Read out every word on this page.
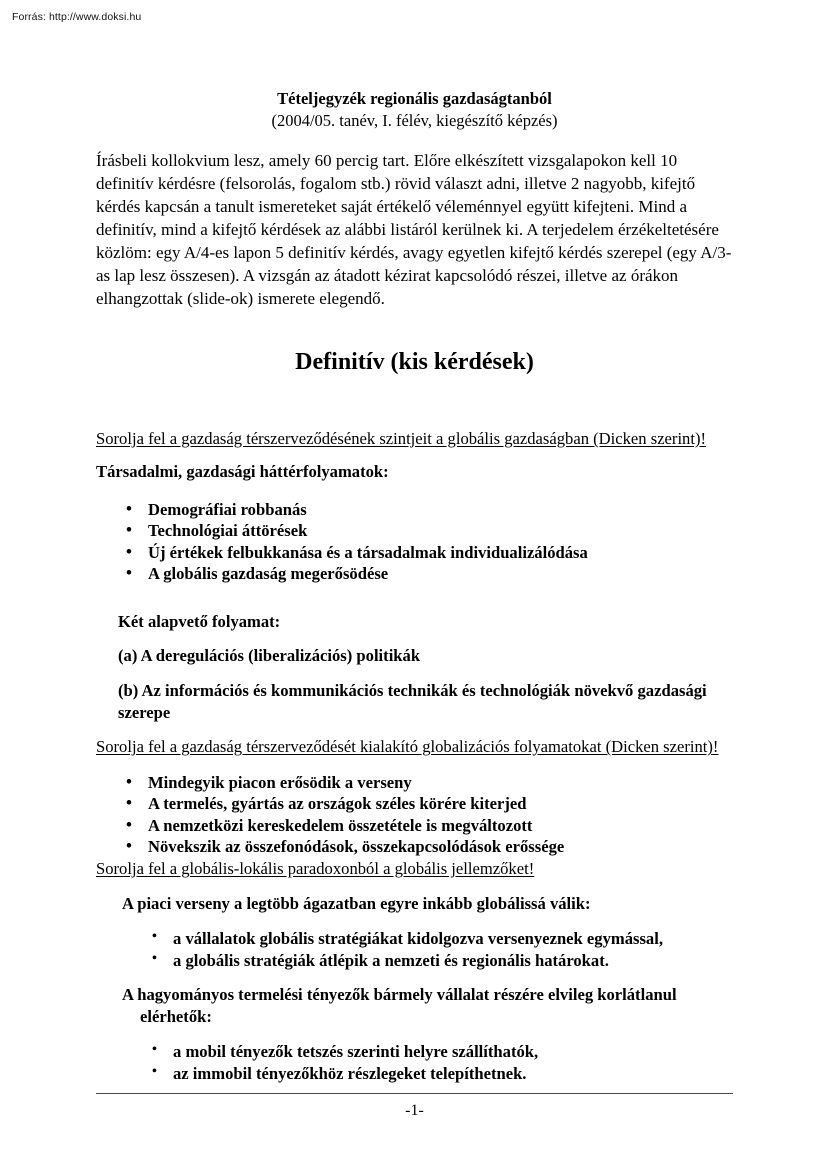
Forrás: http://www.doksi.hu
Tételjegyzék regionális gazdaságtanból
(2004/05. tanév, I. félév, kiegészítő képzés)

Írásbeli kollokvium lesz, amely 60 percig tart. Előre elkészített vizsgalapokon kell 10 definitív kérdésre (felsorolás, fogalom stb.) rövid választ adni, illetve 2 nagyobb, kifejtő kérdés kapcsán a tanult ismereteket saját értékelő véleménnyel együtt kifejteni. Mind a definitív, mind a kifejtő kérdések az alábbi listáról kerülnek ki. A terjedelem érzékeltetésére közlöm: egy A/4-es lapon 5 definitív kérdés, avagy egyetlen kifejtő kérdés szerepel (egy A/3-as lap lesz összesen). A vizsgán az átadott kézirat kapcsolódó részei, illetve az órákon elhangzottak (slide-ok) ismerete elegendő.

Definitív (kis kérdések)
Sorolja fel a gazdaság térszerveződésének szintjeit a globális gazdaságban (Dicken szerint)!
Társadalmi, gazdasági háttérfolyamatok:
• Demográfiai robbanás
• Technológiai áttörések
• Új értékek felbukkanása és a társadalmak individualizálódása
• A globális gazdaság megerősödése
Két alapvető folyamat:
(a) A deregulációs (liberalizációs) politikák
(b) Az információs és kommunikációs technikák és technológiák növekvő gazdasági szerepe
Sorolja fel a gazdaság térszerveződését kialakító globalizációs folyamatokat (Dicken szerint)!
• Mindegyik piacon erősödik a verseny
• A termelés, gyártás az országok széles körére kiterjed
• A nemzetközi kereskedelem összetétele is megváltozott
• Növekszik az összefonódások, összekapcsolódások erőssége
Sorolja fel a globális-lokális paradoxonból a globális jellemzőket!
A piaci verseny a legtöbb ágazatban egyre inkább globálissá válik:
• a vállalatok globális stratégiákat kidolgozva versenyeznek egymással,
• a globális stratégiák átlépik a nemzeti és regionális határokat.
A hagyományos termelési tényezők bármely vállalat részére elvileg korlátlanul
elérhetők:
• a mobil tényezők tetszés szerinti helyre szállíthatók,
• az immobil tényezőkhöz részlegeket telepíthetnek.
-1-
